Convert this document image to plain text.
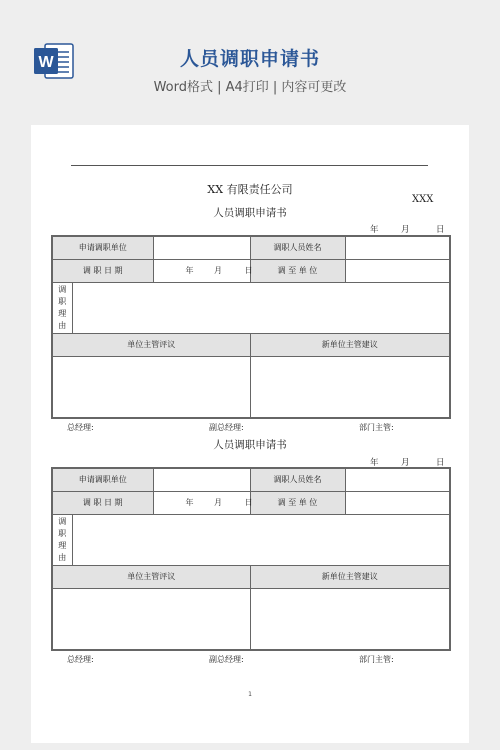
W	人员调职申请书
Word格式 | A4打印 | 内容可更改
XX 有限责任公司
XXX
人员调职申请书
年	月	日
申请调职单位			调职人员姓名	
调 职 日 期		年 月 日	调 至 单 位	
调
职
理
由				
单位主管评议			新单位主管建议	

总经理:	副总经理:	部门主管:
人员调职申请书
年	月	日
申请调职单位			调职人员姓名	
调 职 日 期		年 月 日	调 至 单 位	
调
职
理
由				
单位主管评议			新单位主管建议	

总经理:	副总经理:	部门主管:
1
